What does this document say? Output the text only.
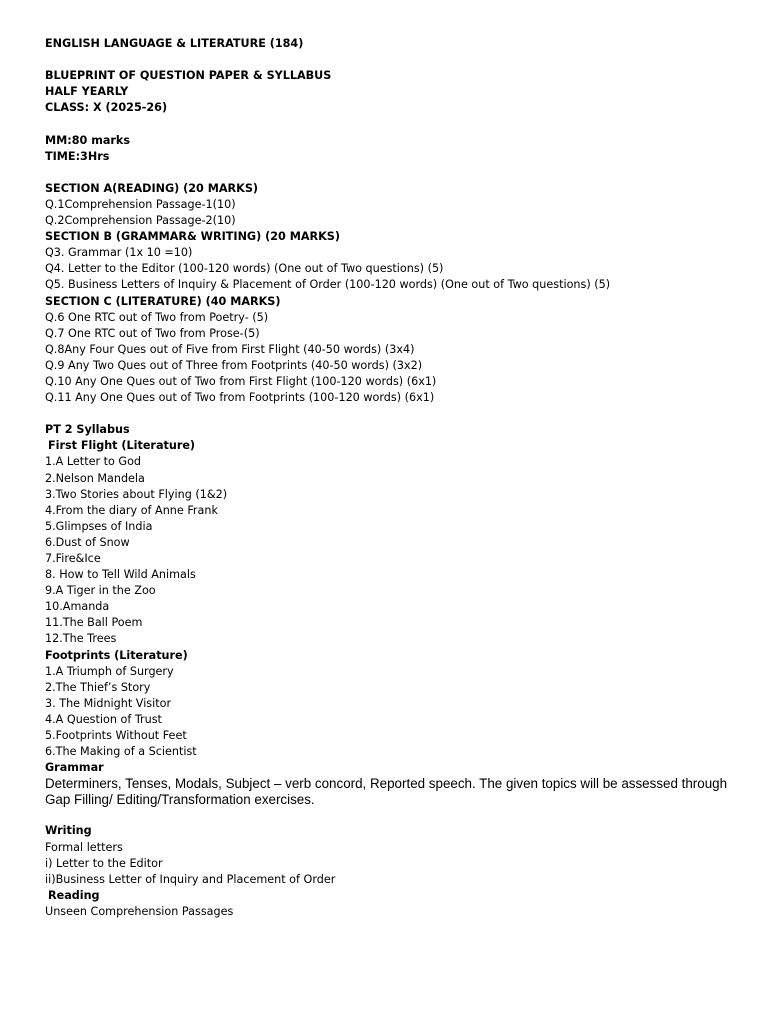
ENGLISH LANGUAGE & LITERATURE (184)
BLUEPRINT OF QUESTION PAPER & SYLLABUS
HALF YEARLY
CLASS: X (2025-26)
MM:80 marks
TIME:3Hrs
SECTION A(READING) (20 MARKS)
Q.1Comprehension Passage-1(10)
Q.2Comprehension Passage-2(10)
SECTION B (GRAMMAR& WRITING) (20 MARKS)
Q3. Grammar (1x 10 =10)
Q4. Letter to the Editor (100-120 words) (One out of Two questions) (5)
Q5. Business Letters of Inquiry & Placement of Order (100-120 words) (One out of Two questions) (5)
SECTION C (LITERATURE) (40 MARKS)
Q.6 One RTC out of Two from Poetry- (5)
Q.7 One RTC out of Two from Prose-(5)
Q.8Any Four Ques out of Five from First Flight (40-50 words) (3x4)
Q.9 Any Two Ques out of Three from Footprints (40-50 words) (3x2)
Q.10 Any One Ques out of Two from First Flight (100-120 words) (6x1)
Q.11 Any One Ques out of Two from Footprints (100-120 words) (6x1)
PT 2 Syllabus
First Flight (Literature)
1.A Letter to God
2.Nelson Mandela
3.Two Stories about Flying (1&2)
4.From the diary of Anne Frank
5.Glimpses of India
6.Dust of Snow
7.Fire&Ice
8. How to Tell Wild Animals
9.A Tiger in the Zoo
10.Amanda
11.The Ball Poem
12.The Trees
Footprints (Literature)
1.A Triumph of Surgery
2.The Thief’s Story
3. The Midnight Visitor
4.A Question of Trust
5.Footprints Without Feet
6.The Making of a Scientist
Grammar

Determiners, Tenses, Modals, Subject – verb concord, Reported speech. The given topics will be assessed through Gap Filling/ Editing/Transformation exercises.

Writing
Formal letters
i) Letter to the Editor
ii)Business Letter of Inquiry and Placement of Order
Reading
Unseen Comprehension Passages
